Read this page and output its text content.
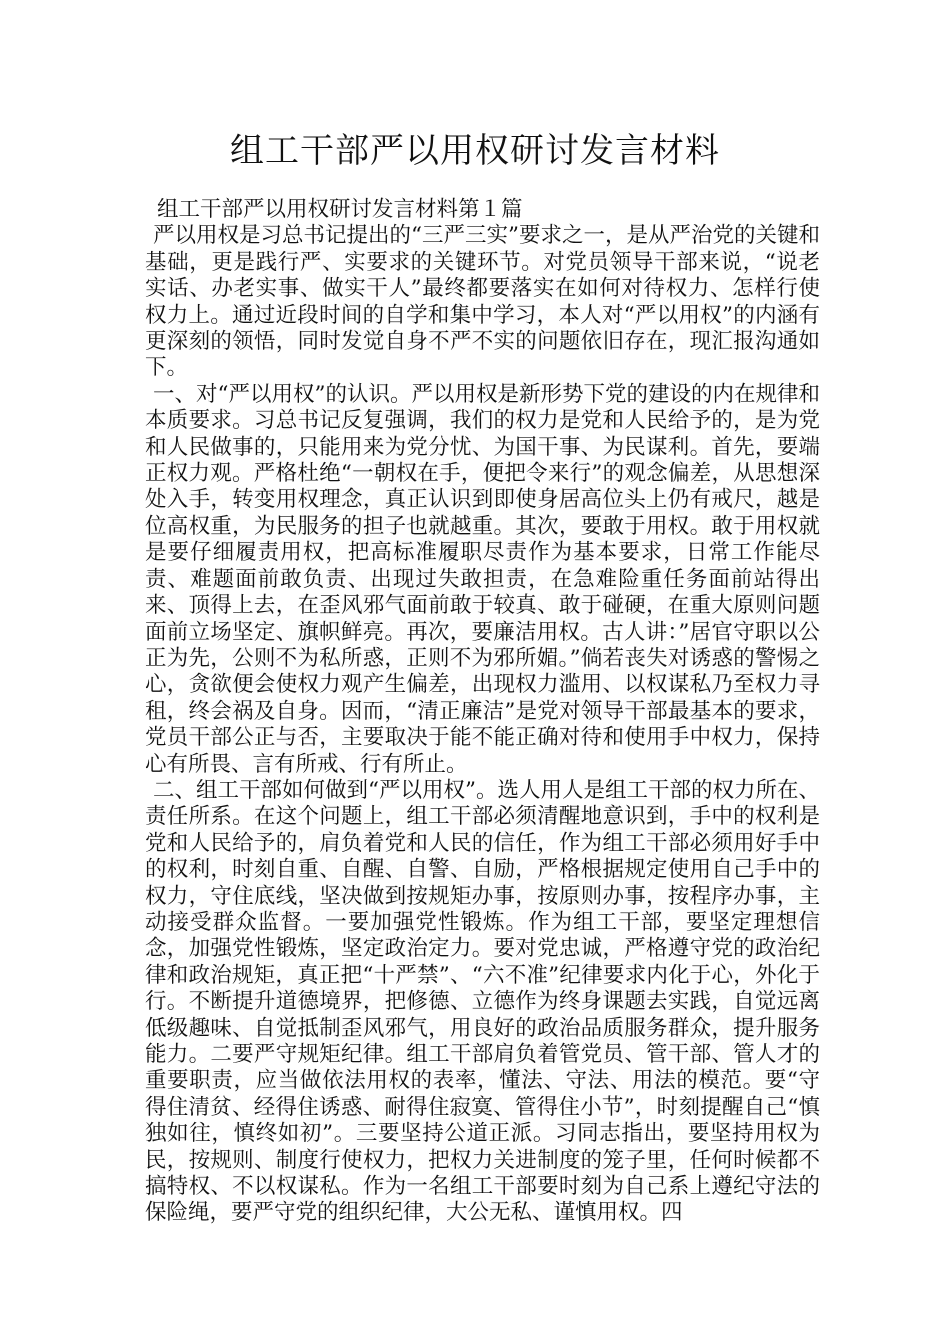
组工干部严以用权研讨发言材料

组工干部严以用权研讨发言材料第１篇

严以用权是习总书记提出的“三严三实”要求之一，是从严治党的关键和基础，更是践行严、实要求的关键环节。对党员领导干部来说，“说老实话、办老实事、做实干人”最终都要落实在如何对待权力、怎样行使权力上。通过近段时间的自学和集中学习，本人对“严以用权”的内涵有更深刻的领悟，同时发觉自身不严不实的问题依旧存在，现汇报沟通如下。

一、对“严以用权”的认识。严以用权是新形势下党的建设的内在规律和本质要求。习总书记反复强调，我们的权力是党和人民给予的，是为党和人民做事的，只能用来为党分忧、为国干事、为民谋利。首先，要端正权力观。严格杜绝“一朝权在手，便把令来行”的观念偏差，从思想深处入手，转变用权理念，真正认识到即使身居高位头上仍有戒尺，越是位高权重，为民服务的担子也就越重。其次，要敢于用权。敢于用权就是要仔细履责用权，把高标准履职尽责作为基本要求，日常工作能尽责、难题面前敢负责、出现过失敢担责，在急难险重任务面前站得出来、顶得上去，在歪风邪气面前敢于较真、敢于碰硬，在重大原则问题面前立场坚定、旗帜鲜亮。再次，要廉洁用权。古人讲：”居官守职以公正为先，公则不为私所惑，正则不为邪所媚。”倘若丧失对诱惑的警惕之心，贪欲便会使权力观产生偏差，出现权力滥用、以权谋私乃至权力寻租，终会祸及自身。因而，“清正廉洁”是党对领导干部最基本的要求，党员干部公正与否，主要取决于能不能正确对待和使用手中权力，保持心有所畏、言有所戒、行有所止。

二、组工干部如何做到“严以用权”。选人用人是组工干部的权力所在、责任所系。在这个问题上，组工干部必须清醒地意识到，手中的权利是党和人民给予的，肩负着党和人民的信任，作为组工干部必须用好手中的权利，时刻自重、自醒、自警、自励，严格根据规定使用自己手中的权力，守住底线，坚决做到按规矩办事，按原则办事，按程序办事，主动接受群众监督。一要加强党性锻炼。作为组工干部，要坚定理想信念，加强党性锻炼，坚定政治定力。要对党忠诚，严格遵守党的政治纪律和政治规矩，真正把“十严禁”、“六不准”纪律要求内化于心，外化于行。不断提升道德境界，把修德、立德作为终身课题去实践，自觉远离低级趣味、自觉抵制歪风邪气，用良好的政治品质服务群众，提升服务能力。二要严守规矩纪律。组工干部肩负着管党员、管干部、管人才的重要职责，应当做依法用权的表率，懂法、守法、用法的模范。要“守得住清贫、经得住诱惑、耐得住寂寞、管得住小节”，时刻提醒自己“慎独如往，慎终如初”。三要坚持公道正派。习同志指出，要坚持用权为民，按规则、制度行使权力，把权力关进制度的笼子里，任何时候都不搞特权、不以权谋私。作为一名组工干部要时刻为自己系上遵纪守法的保险绳，要严守党的组织纪律，大公无私、谨慎用权。四
